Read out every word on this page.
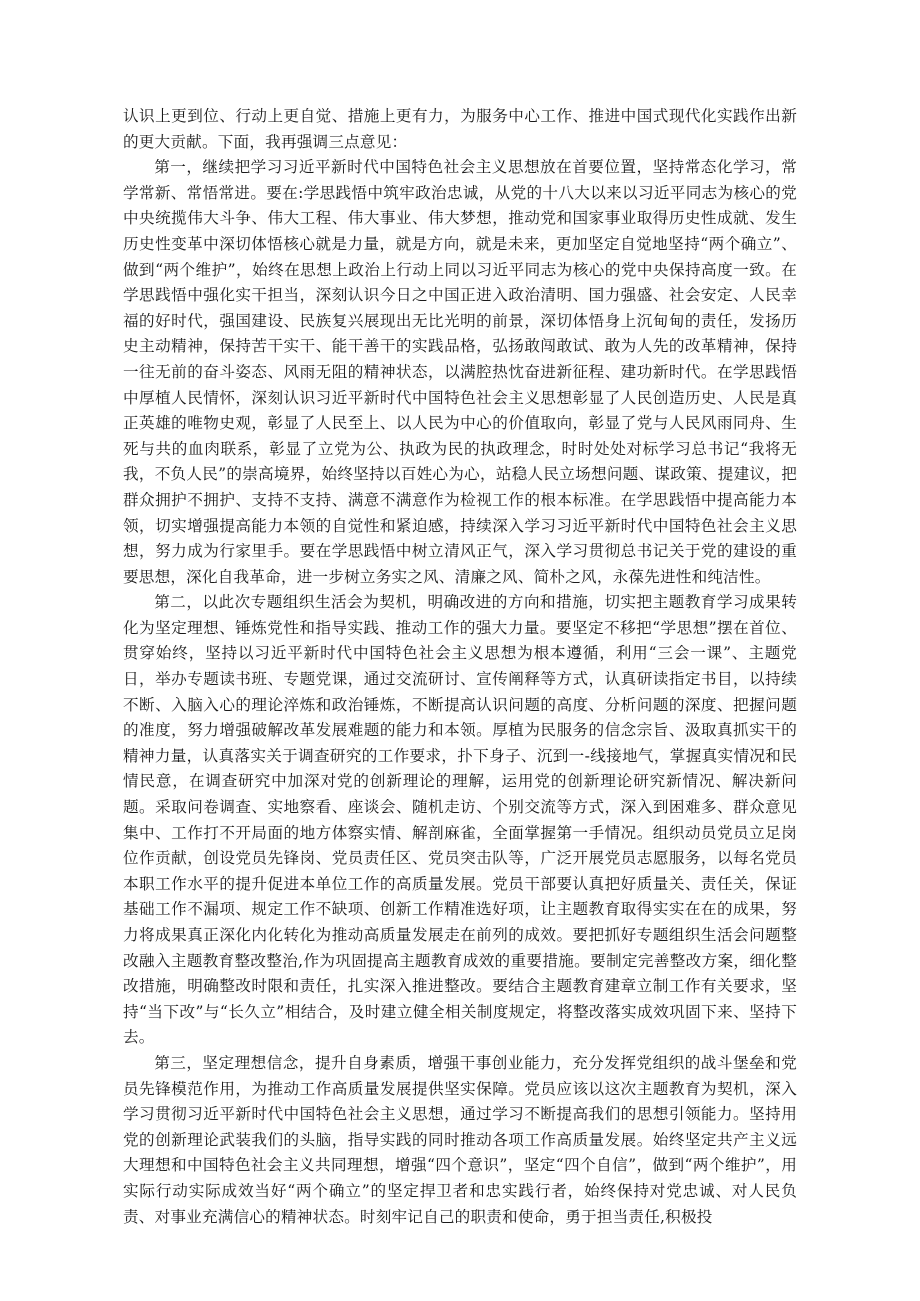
认识上更到位、行动上更自觉、措施上更有力，为服务中心工作、推进中国式现代化实践作出新的更大贡献。下面，我再强调三点意见：

第一，继续把学习习近平新时代中国特色社会主义思想放在首要位置，坚持常态化学习，常学常新、常悟常进。要在:学思践悟中筑牢政治忠诚，从党的十八大以来以习近平同志为核心的党中央统揽伟大斗争、伟大工程、伟大事业、伟大梦想，推动党和国家事业取得历史性成就、发生历史性变革中深切体悟核心就是力量，就是方向，就是未来，更加坚定自觉地坚持“两个确立”、做到“两个维护”，始终在思想上政治上行动上同以习近平同志为核心的党中央保持高度一致。在学思践悟中强化实干担当，深刻认识今日之中国正进入政治清明、国力强盛、社会安定、人民幸福的好时代，强国建设、民族复兴展现出无比光明的前景，深切体悟身上沉甸甸的责任，发扬历史主动精神，保持苦干实干、能干善干的实践品格，弘扬敢闯敢试、敢为人先的改革精神，保持一往无前的奋斗姿态、风雨无阻的精神状态，以满腔热忱奋进新征程、建功新时代。在学思践悟中厚植人民情怀，深刻认识习近平新时代中国特色社会主义思想彰显了人民创造历史、人民是真正英雄的唯物史观，彰显了人民至上、以人民为中心的价值取向，彰显了党与人民风雨同舟、生死与共的血肉联系，彰显了立党为公、执政为民的执政理念，时时处处对标学习总书记“我将无我，不负人民”的崇高境界，始终坚持以百姓心为心，站稳人民立场想问题、谋政策、提建议，把群众拥护不拥护、支持不支持、满意不满意作为检视工作的根本标准。在学思践悟中提高能力本领，切实增强提高能力本领的自觉性和紧迫感，持续深入学习习近平新时代中国特色社会主义思想，努力成为行家里手。要在学思践悟中树立清风正气，深入学习贯彻总书记关于党的建设的重要思想，深化自我革命，进一步树立务实之风、清廉之风、简朴之风，永葆先进性和纯洁性。

第二，以此次专题组织生活会为契机，明确改进的方向和措施，切实把主题教育学习成果转化为坚定理想、锤炼党性和指导实践、推动工作的强大力量。要坚定不移把“学思想”摆在首位、贯穿始终，坚持以习近平新时代中国特色社会主义思想为根本遵循，利用“三会一课”、主题党日，举办专题读书班、专题党课，通过交流研讨、宣传阐释等方式，认真研读指定书目，以持续不断、入脑入心的理论淬炼和政治锤炼，不断提高认识问题的高度、分析问题的深度、把握问题的准度，努力增强破解改革发展难题的能力和本领。厚植为民服务的信念宗旨、汲取真抓实干的精神力量，认真落实关于调查研究的工作要求，扑下身子、沉到一-线接地气，掌握真实情况和民情民意，在调查研究中加深对党的创新理论的理解，运用党的创新理论研究新情况、解决新问题。采取问卷调查、实地察看、座谈会、随机走访、个别交流等方式，深入到困难多、群众意见集中、工作打不开局面的地方体察实情、解剖麻雀，全面掌握第一手情况。组织动员党员立足岗位作贡献，创设党员先锋岗、党员责任区、党员突击队等，广泛开展党员志愿服务，以每名党员本职工作水平的提升促进本单位工作的高质量发展。党员干部要认真把好质量关、责任关，保证基础工作不漏项、规定工作不缺项、创新工作精准选好项，让主题教育取得实实在在的成果，努力将成果真正深化内化转化为推动高质量发展走在前列的成效。要把抓好专题组织生活会问题整改融入主题教育整改整治,作为巩固提高主题教育成效的重要措施。要制定完善整改方案，细化整改措施，明确整改时限和责任，扎实深入推进整改。要结合主题教育建章立制工作有关要求，坚持“当下改”与“长久立”相结合，及时建立健全相关制度规定，将整改落实成效巩固下来、坚持下去。

第三，坚定理想信念，提升自身素质，增强干事创业能力，充分发挥党组织的战斗堡垒和党员先锋模范作用，为推动工作高质量发展提供坚实保障。党员应该以这次主题教育为契机，深入学习贯彻习近平新时代中国特色社会主义思想，通过学习不断提高我们的思想引领能力。坚持用党的创新理论武装我们的头脑，指导实践的同时推动各项工作高质量发展。始终坚定共产主义远大理想和中国特色社会主义共同理想，增强“四个意识”，坚定“四个自信”，做到“两个维护”，用实际行动实际成效当好“两个确立”的坚定捍卫者和忠实践行者，始终保持对党忠诚、对人民负责、对事业充满信心的精神状态。时刻牢记自己的职责和使命，勇于担当责任,积极投
